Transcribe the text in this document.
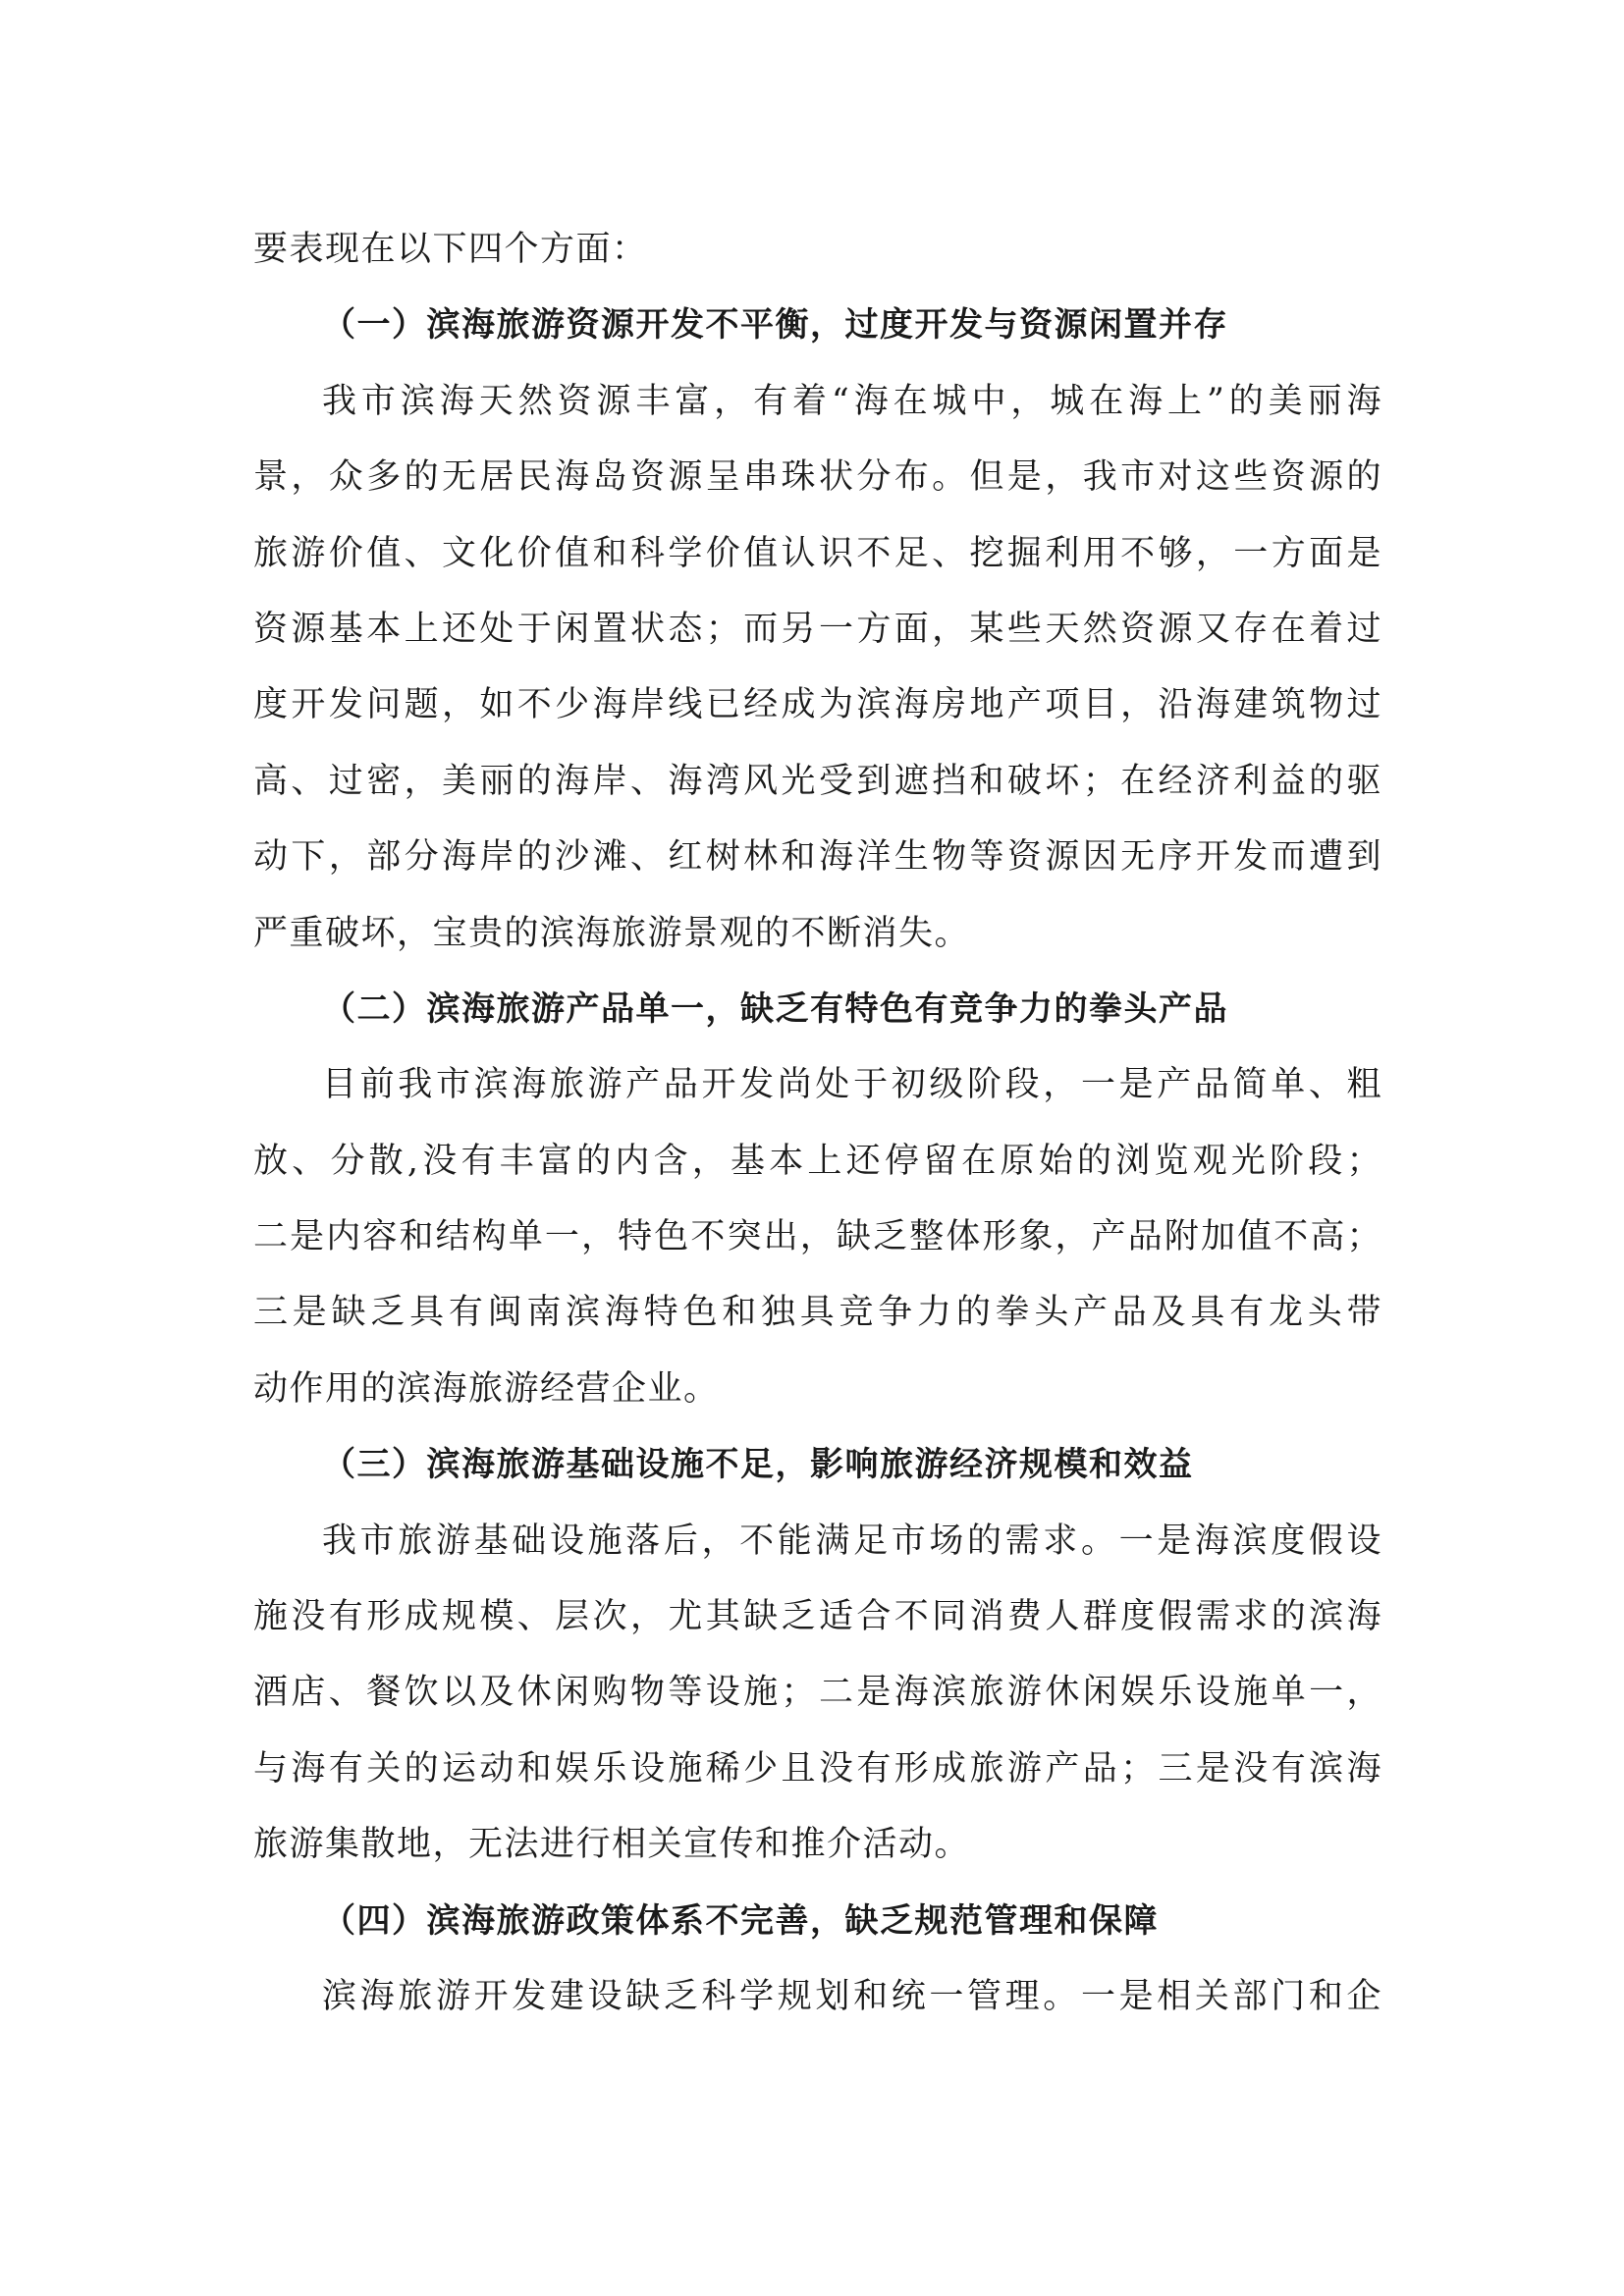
要表现在以下四个方面：
（一）滨海旅游资源开发不平衡，过度开发与资源闲置并存
我市滨海天然资源丰富，有着“海在城中，城在海上”的美丽海
景，众多的无居民海岛资源呈串珠状分布。但是，我市对这些资源的
旅游价值、文化价值和科学价值认识不足、挖掘利用不够，一方面是
资源基本上还处于闲置状态；而另一方面，某些天然资源又存在着过
度开发问题，如不少海岸线已经成为滨海房地产项目，沿海建筑物过
高、过密，美丽的海岸、海湾风光受到遮挡和破坏；在经济利益的驱
动下，部分海岸的沙滩、红树林和海洋生物等资源因无序开发而遭到
严重破坏，宝贵的滨海旅游景观的不断消失。
（二）滨海旅游产品单一，缺乏有特色有竞争力的拳头产品
目前我市滨海旅游产品开发尚处于初级阶段，一是产品简单、粗
放、分散,没有丰富的内含，基本上还停留在原始的浏览观光阶段；
二是内容和结构单一，特色不突出，缺乏整体形象，产品附加值不高；
三是缺乏具有闽南滨海特色和独具竞争力的拳头产品及具有龙头带
动作用的滨海旅游经营企业。
（三）滨海旅游基础设施不足，影响旅游经济规模和效益
我市旅游基础设施落后，不能满足市场的需求。一是海滨度假设
施没有形成规模、层次，尤其缺乏适合不同消费人群度假需求的滨海
酒店、餐饮以及休闲购物等设施；二是海滨旅游休闲娱乐设施单一，
与海有关的运动和娱乐设施稀少且没有形成旅游产品；三是没有滨海
旅游集散地，无法进行相关宣传和推介活动。
（四）滨海旅游政策体系不完善，缺乏规范管理和保障
滨海旅游开发建设缺乏科学规划和统一管理。一是相关部门和企
